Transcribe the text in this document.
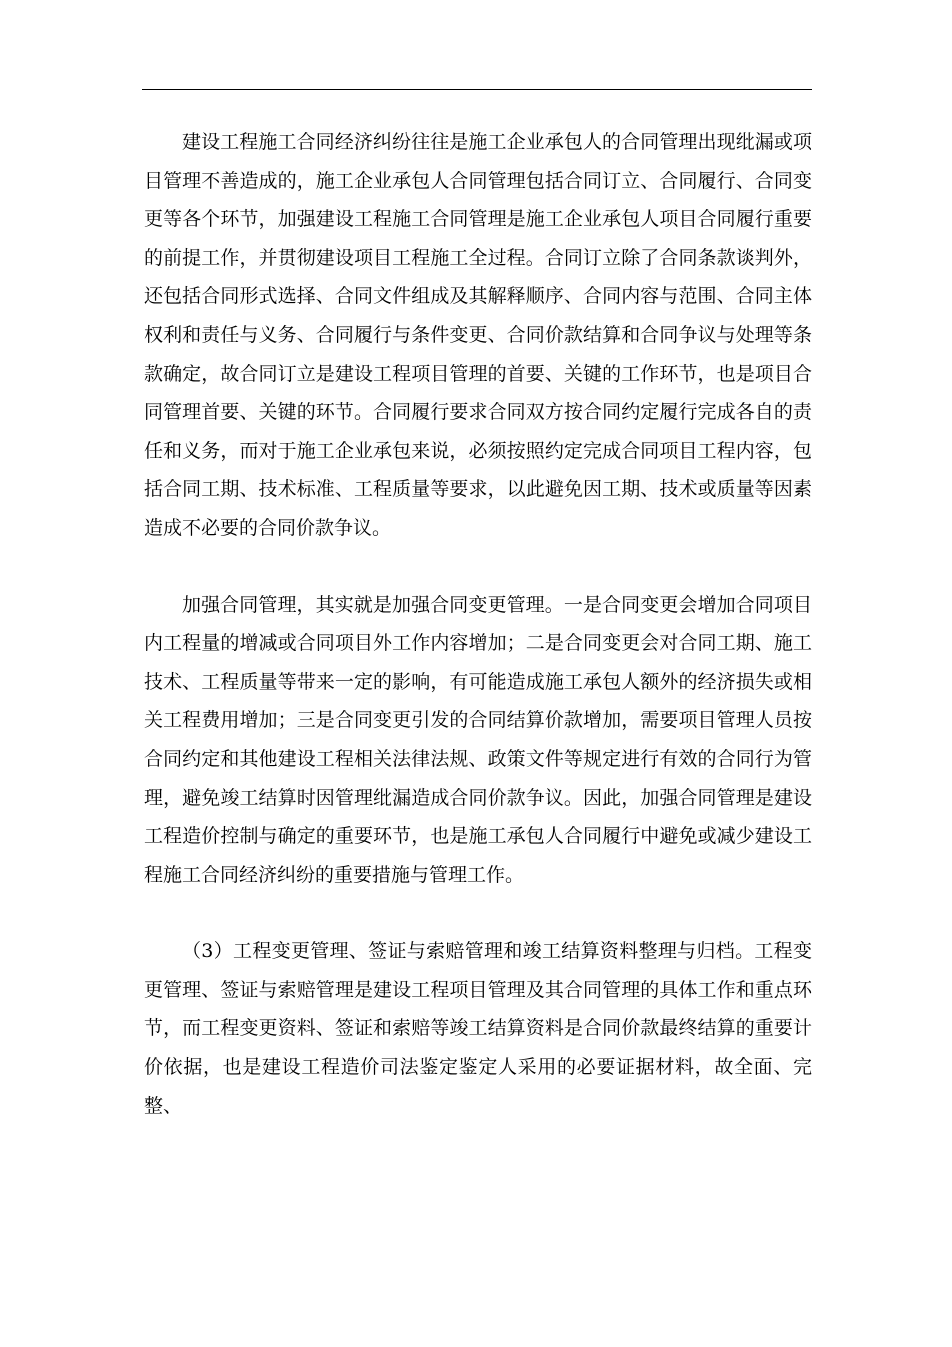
建设工程施工合同经济纠纷往往是施工企业承包人的合同管理出现纰漏或项目管理不善造成的，施工企业承包人合同管理包括合同订立、合同履行、合同变更等各个环节，加强建设工程施工合同管理是施工企业承包人项目合同履行重要的前提工作，并贯彻建设项目工程施工全过程。合同订立除了合同条款谈判外，还包括合同形式选择、合同文件组成及其解释顺序、合同内容与范围、合同主体权利和责任与义务、合同履行与条件变更、合同价款结算和合同争议与处理等条款确定，故合同订立是建设工程项目管理的首要、关键的工作环节，也是项目合同管理首要、关键的环节。合同履行要求合同双方按合同约定履行完成各自的责任和义务，而对于施工企业承包来说，必须按照约定完成合同项目工程内容，包括合同工期、技术标准、工程质量等要求，以此避免因工期、技术或质量等因素造成不必要的合同价款争议。

加强合同管理，其实就是加强合同变更管理。一是合同变更会增加合同项目内工程量的增减或合同项目外工作内容增加；二是合同变更会对合同工期、施工技术、工程质量等带来一定的影响，有可能造成施工承包人额外的经济损失或相关工程费用增加；三是合同变更引发的合同结算价款增加，需要项目管理人员按合同约定和其他建设工程相关法律法规、政策文件等规定进行有效的合同行为管理，避免竣工结算时因管理纰漏造成合同价款争议。因此，加强合同管理是建设工程造价控制与确定的重要环节，也是施工承包人合同履行中避免或减少建设工程施工合同经济纠纷的重要措施与管理工作。

（3）工程变更管理、签证与索赔管理和竣工结算资料整理与归档。工程变更管理、签证与索赔管理是建设工程项目管理及其合同管理的具体工作和重点环节，而工程变更资料、签证和索赔等竣工结算资料是合同价款最终结算的重要计价依据，也是建设工程造价司法鉴定鉴定人采用的必要证据材料，故全面、完整、
